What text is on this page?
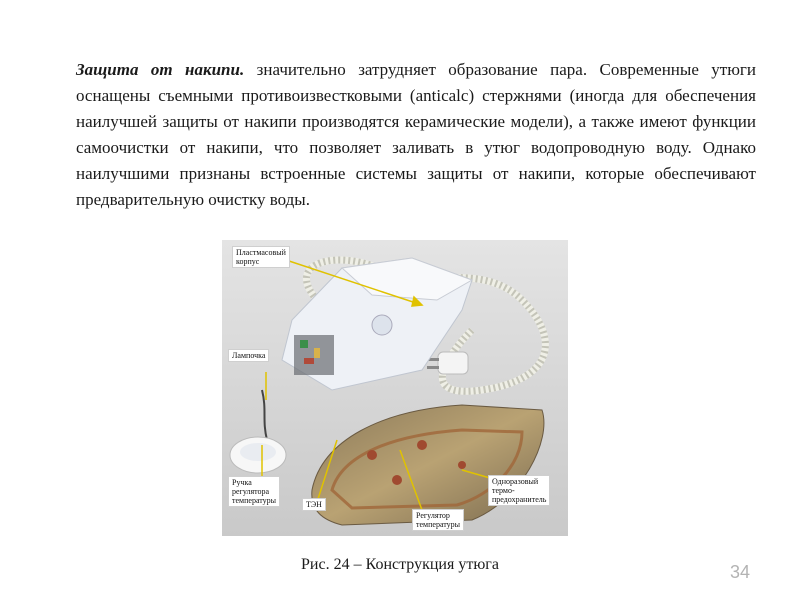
Защита от накипи. значительно затрудняет образование пара. Современные утюги оснащены съемными противоизвестковыми (anticalc) стержнями (иногда для обеспечения наилучшей защиты от накипи производятся керамические модели), а также имеют функции самоочистки от накипи, что позволяет заливать в утюг водопроводную воду. Однако наилучшими признаны встроенные системы защиты от накипи, которые обеспечивают предварительную очистку воды.

Пластмасовый
корпус
Лампочка
Ручка
регулятора
температуры	ТЭН
Регулятор
температуры
Одноразовый
термо-
предохранитель
Рис. 24 – Конструкция утюга	34
